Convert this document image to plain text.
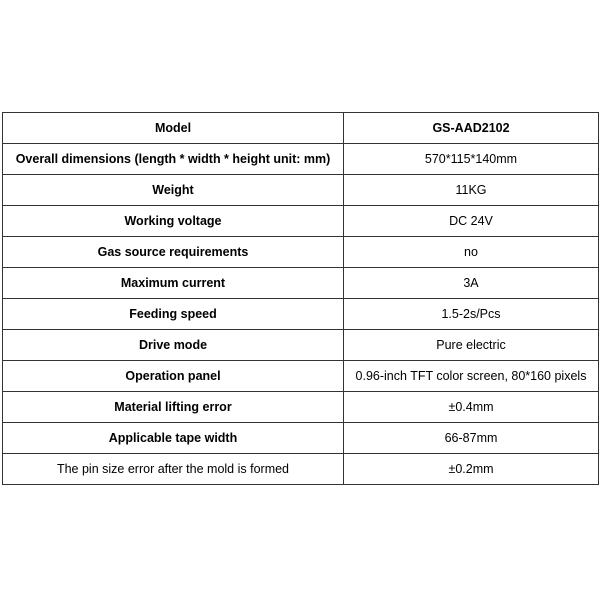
Model	GS-AAD2102
Overall dimensions (length * width * height unit: mm)	570*115*140mm
Weight	11KG
Working voltage	DC 24V
Gas source requirements	no
Maximum current	3A
Feeding speed	1.5-2s/Pcs
Drive mode	Pure electric
Operation panel	0.96-inch TFT color screen, 80*160 pixels
Material lifting error	±0.4mm
Applicable tape width	66-87mm
The pin size error after the mold is formed	±0.2mm
